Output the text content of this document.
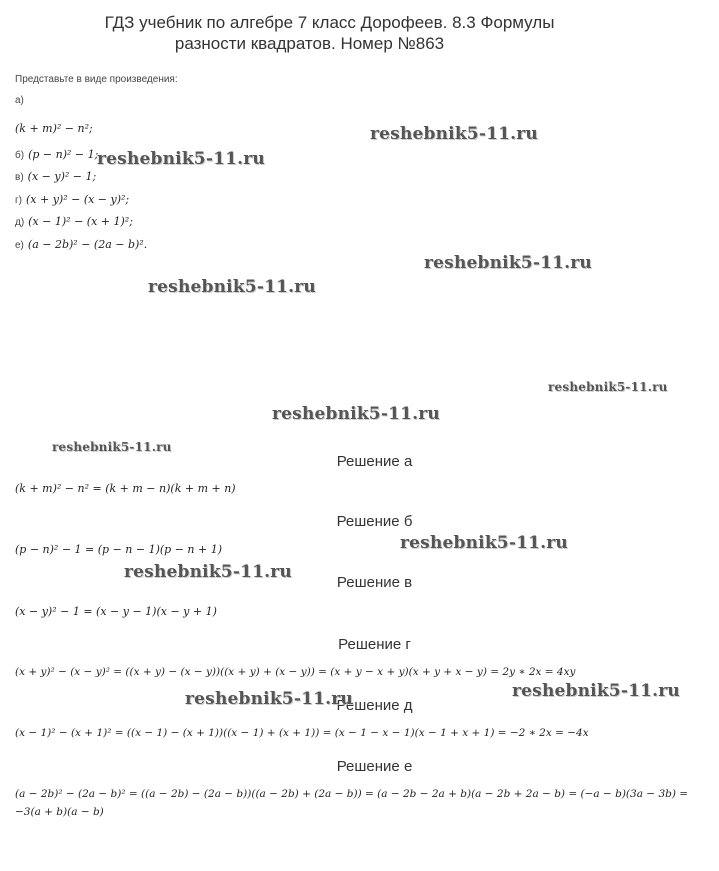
ГДЗ учебник по алгебре 7 класс Дорофеев. 8.3 Формулы
разности квадратов. Номер №863
Представьте в виде произведения:
а)
(k + m)² − n²;
б) (p − n)² − 1;
в) (x − y)² − 1;
г) (x + y)² − (x − y)²;
д) (x − 1)² − (x + 1)²;
е) (a − 2b)² − (2a − b)².
Решение а
(k + m)² − n² = (k + m − n)(k + m + n)
Решение б
(p − n)² − 1 = (p − n − 1)(p − n + 1)
Решение в
(x − y)² − 1 = (x − y − 1)(x − y + 1)
Решение г
(x + y)² − (x − y)² = ((x + y) − (x − y))((x + y) + (x − y)) = (x + y − x + y)(x + y + x − y) = 2y ∗ 2x = 4xy
Решение д
(x − 1)² − (x + 1)² = ((x − 1) − (x + 1))((x − 1) + (x + 1)) = (x − 1 − x − 1)(x − 1 + x + 1) = −2 ∗ 2x = −4x
Решение е
(a − 2b)² − (2a − b)² = ((a − 2b) − (2a − b))((a − 2b) + (2a − b)) = (a − 2b − 2a + b)(a − 2b + 2a − b) = (−a − b)(3a − 3b) =
−3(a + b)(a − b)
reshebnik5-11.ru
reshebnik5-11.ru
reshebnik5-11.ru
reshebnik5-11.ru
reshebnik5-11.ru
reshebnik5-11.ru
reshebnik5-11.ru
reshebnik5-11.ru
reshebnik5-11.ru
reshebnik5-11.ru	reshebnik5-11.ru
